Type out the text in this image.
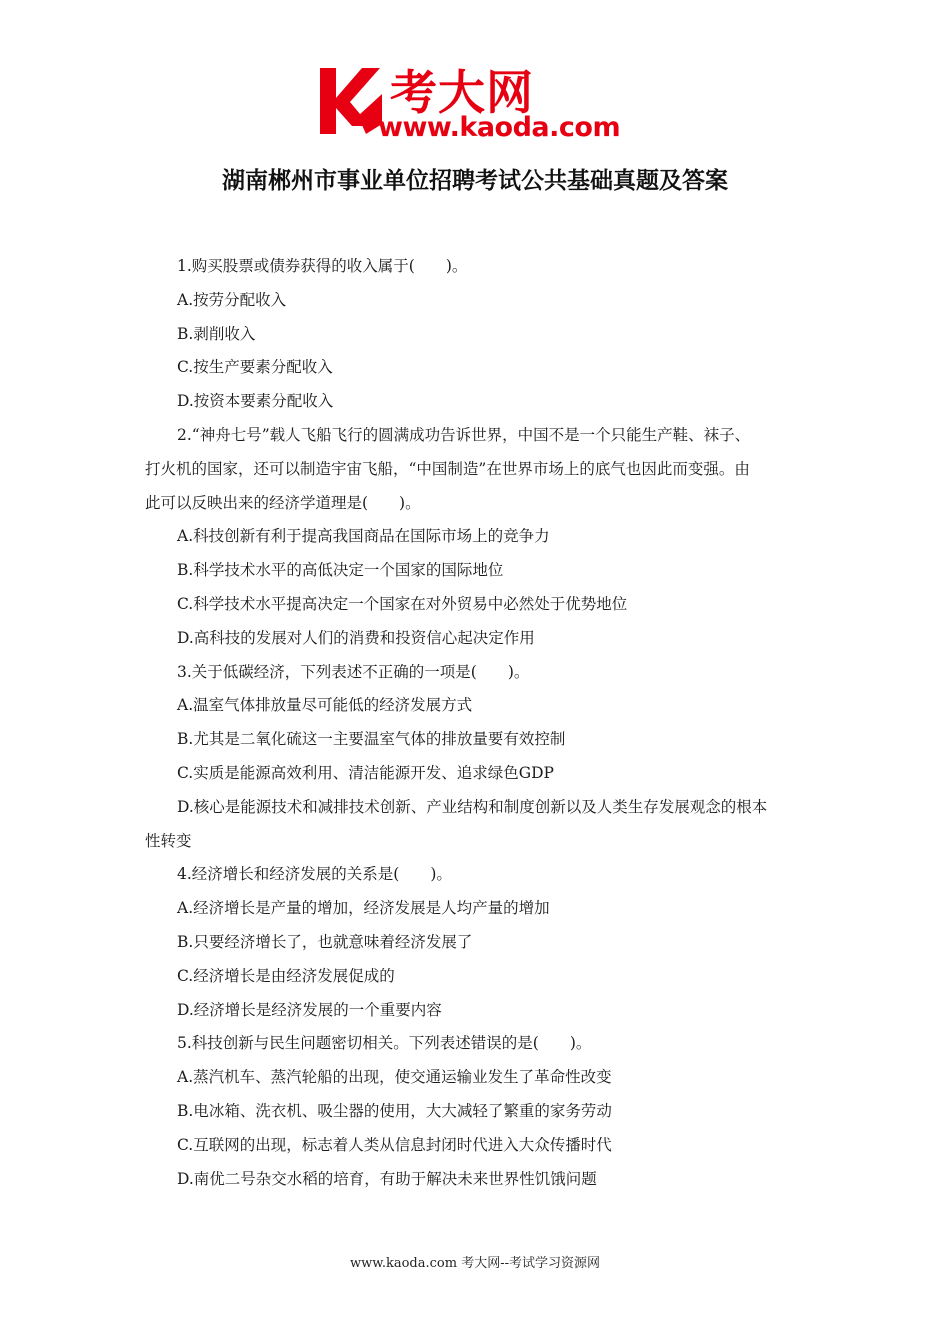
考大网
www.kaoda.com
湖南郴州市事业单位招聘考试公共基础真题及答案
1.购买股票或债券获得的收入属于(　　)。
A.按劳分配收入
B.剥削收入
C.按生产要素分配收入
D.按资本要素分配收入
2.“神舟七号”载人飞船飞行的圆满成功告诉世界，中国不是一个只能生产鞋、袜子、
打火机的国家，还可以制造宇宙飞船，“中国制造”在世界市场上的底气也因此而变强。由
此可以反映出来的经济学道理是(　　)。
A.科技创新有利于提高我国商品在国际市场上的竞争力
B.科学技术水平的高低决定一个国家的国际地位
C.科学技术水平提高决定一个国家在对外贸易中必然处于优势地位
D.高科技的发展对人们的消费和投资信心起决定作用
3.关于低碳经济，下列表述不正确的一项是(　　)。
A.温室气体排放量尽可能低的经济发展方式
B.尤其是二氧化硫这一主要温室气体的排放量要有效控制
C.实质是能源高效利用、清洁能源开发、追求绿色GDP
D.核心是能源技术和减排技术创新、产业结构和制度创新以及人类生存发展观念的根本
性转变
4.经济增长和经济发展的关系是(　　)。
A.经济增长是产量的增加，经济发展是人均产量的增加
B.只要经济增长了，也就意味着经济发展了
C.经济增长是由经济发展促成的
D.经济增长是经济发展的一个重要内容
5.科技创新与民生问题密切相关。下列表述错误的是(　　)。
A.蒸汽机车、蒸汽轮船的出现，使交通运输业发生了革命性改变
B.电冰箱、洗衣机、吸尘器的使用，大大减轻了繁重的家务劳动
C.互联网的出现，标志着人类从信息封闭时代进入大众传播时代
D.南优二号杂交水稻的培育，有助于解决未来世界性饥饿问题
www.kaoda.com 考大网--考试学习资源网
